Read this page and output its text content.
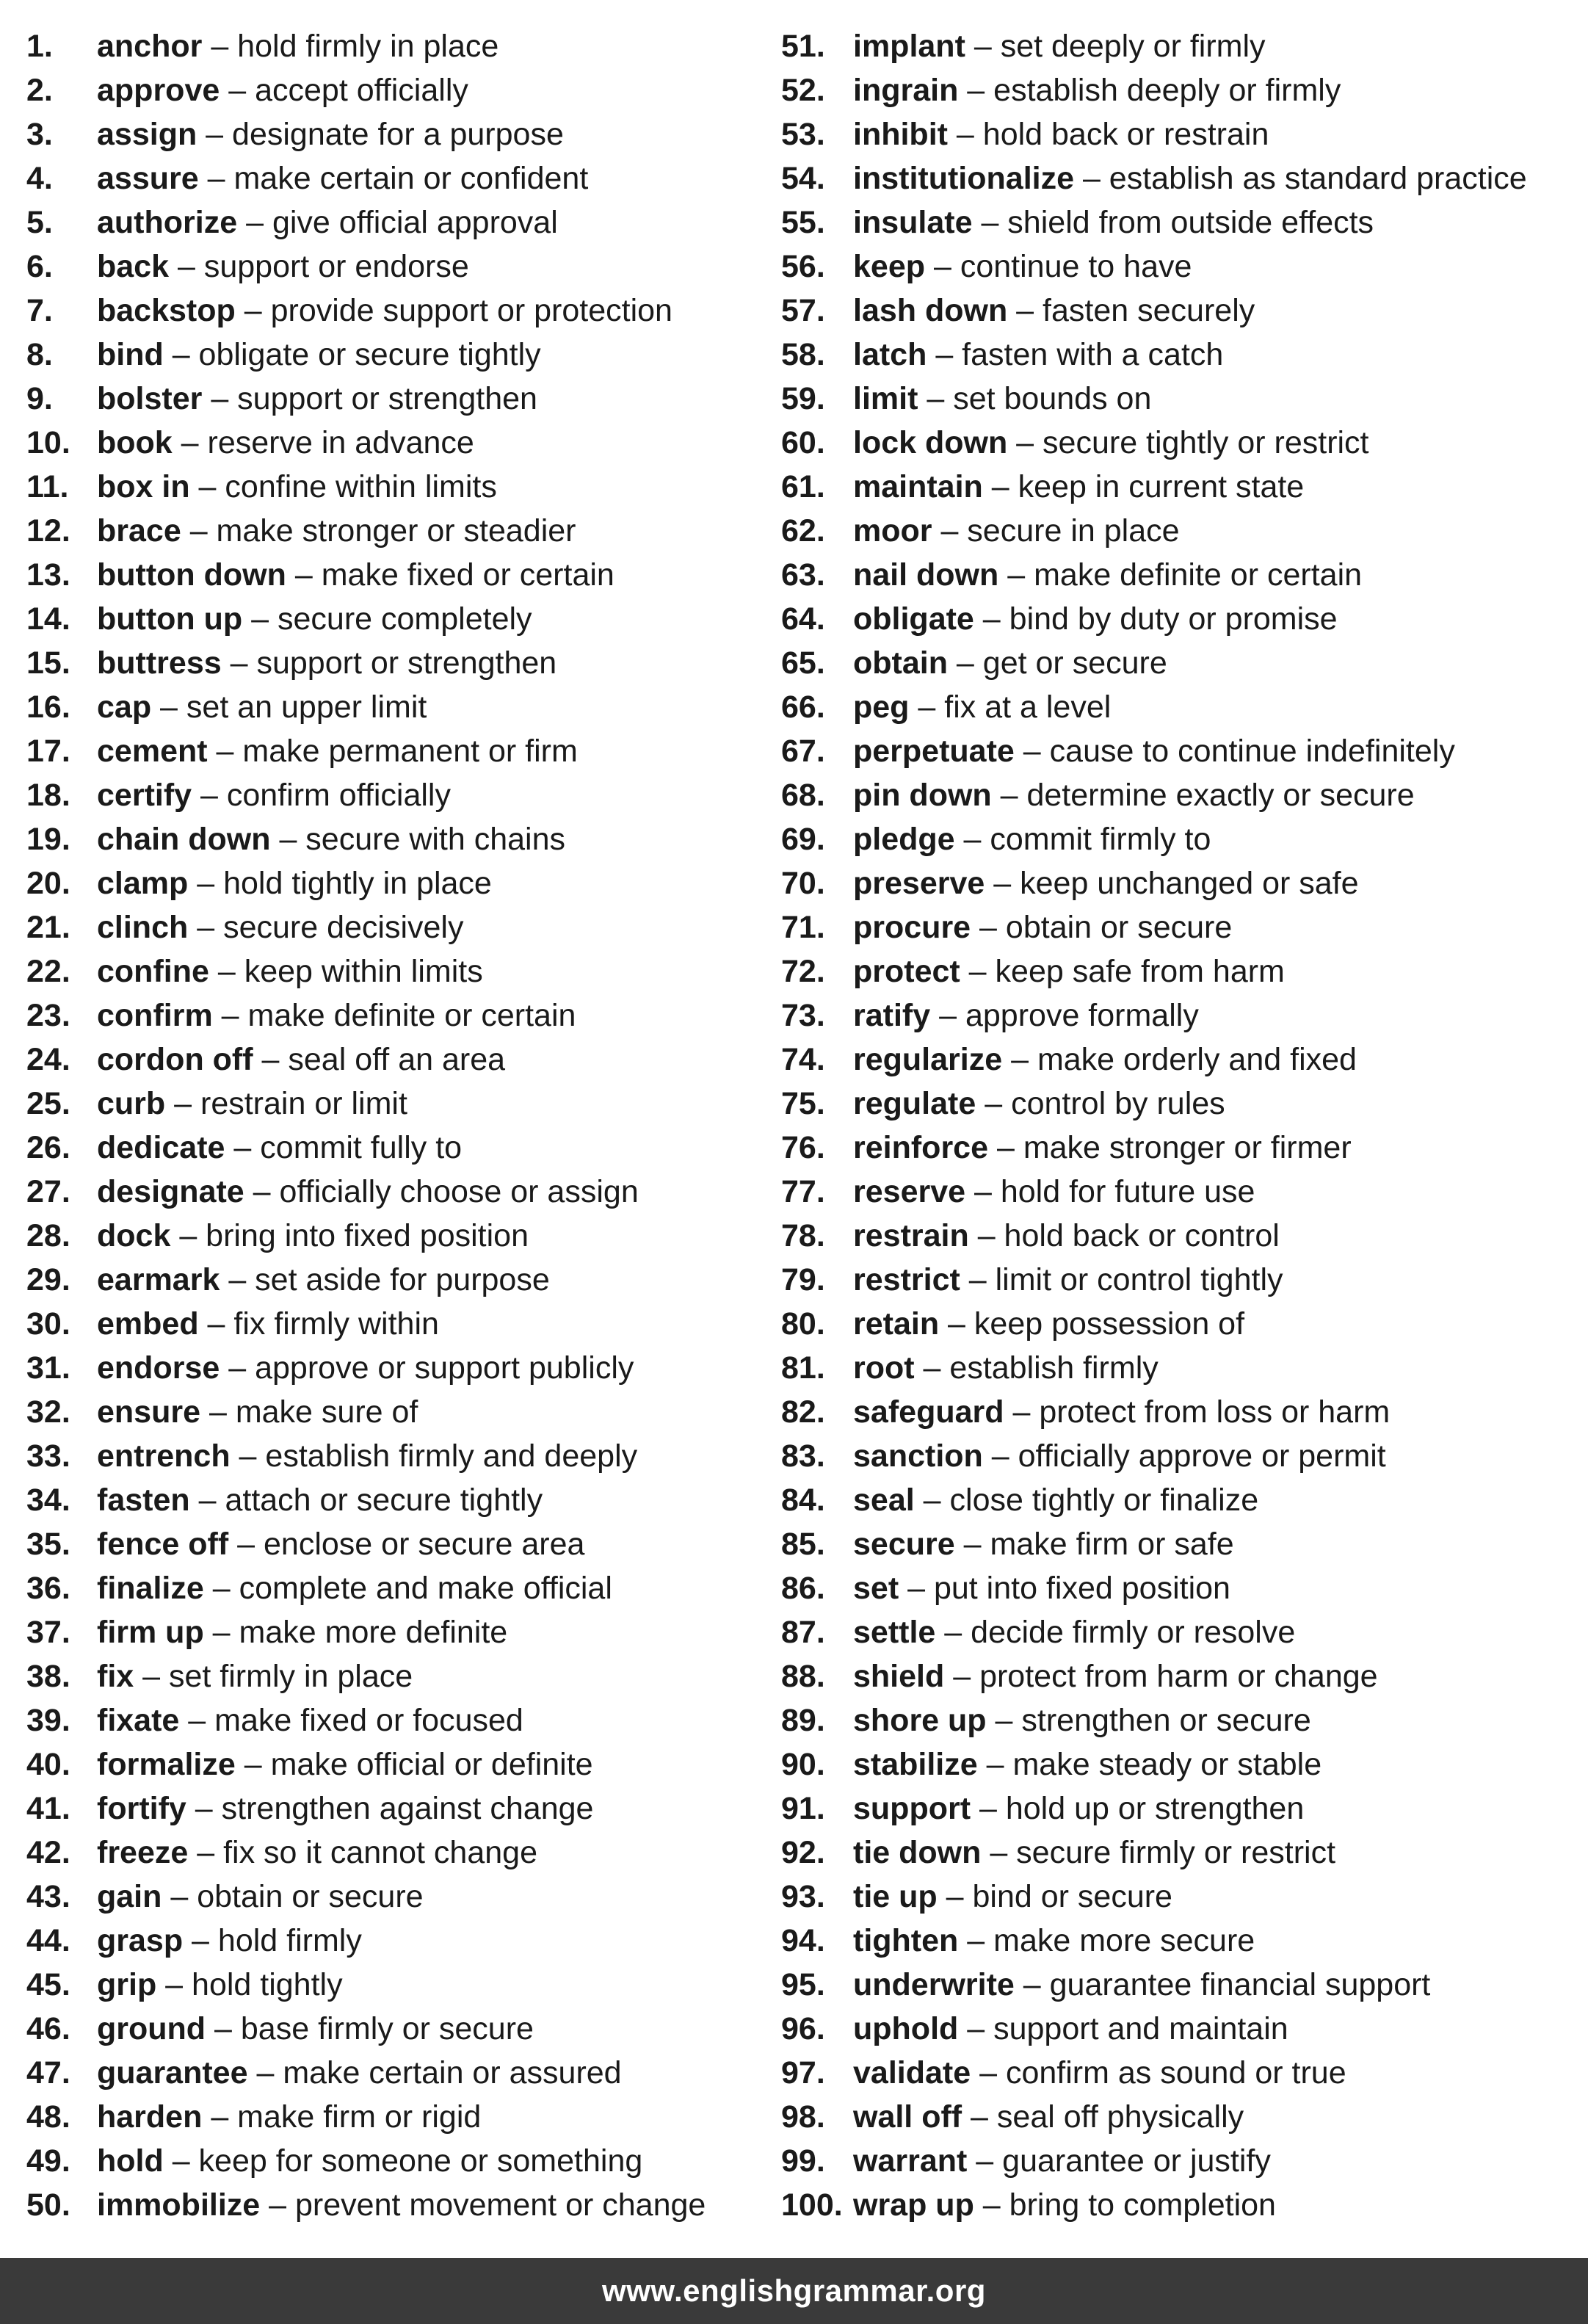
1. anchor – hold firmly in place
2. approve – accept officially
3. assign – designate for a purpose
4. assure – make certain or confident
5. authorize – give official approval
6. back – support or endorse
7. backstop – provide support or protection
8. bind – obligate or secure tightly
9. bolster – support or strengthen
10. book – reserve in advance
11. box in – confine within limits
12. brace – make stronger or steadier
13. button down – make fixed or certain
14. button up – secure completely
15. buttress – support or strengthen
16. cap – set an upper limit
17. cement – make permanent or firm
18. certify – confirm officially
19. chain down – secure with chains
20. clamp – hold tightly in place
21. clinch – secure decisively
22. confine – keep within limits
23. confirm – make definite or certain
24. cordon off – seal off an area
25. curb – restrain or limit
26. dedicate – commit fully to
27. designate – officially choose or assign
28. dock – bring into fixed position
29. earmark – set aside for purpose
30. embed – fix firmly within
31. endorse – approve or support publicly
32. ensure – make sure of
33. entrench – establish firmly and deeply
34. fasten – attach or secure tightly
35. fence off – enclose or secure area
36. finalize – complete and make official
37. firm up – make more definite
38. fix – set firmly in place
39. fixate – make fixed or focused
40. formalize – make official or definite
41. fortify – strengthen against change
42. freeze – fix so it cannot change
43. gain – obtain or secure
44. grasp – hold firmly
45. grip – hold tightly
46. ground – base firmly or secure
47. guarantee – make certain or assured
48. harden – make firm or rigid
49. hold – keep for someone or something
50. immobilize – prevent movement or change
51. implant – set deeply or firmly
52. ingrain – establish deeply or firmly
53. inhibit – hold back or restrain
54. institutionalize – establish as standard practice
55. insulate – shield from outside effects
56. keep – continue to have
57. lash down – fasten securely
58. latch – fasten with a catch
59. limit – set bounds on
60. lock down – secure tightly or restrict
61. maintain – keep in current state
62. moor – secure in place
63. nail down – make definite or certain
64. obligate – bind by duty or promise
65. obtain – get or secure
66. peg – fix at a level
67. perpetuate – cause to continue indefinitely
68. pin down – determine exactly or secure
69. pledge – commit firmly to
70. preserve – keep unchanged or safe
71. procure – obtain or secure
72. protect – keep safe from harm
73. ratify – approve formally
74. regularize – make orderly and fixed
75. regulate – control by rules
76. reinforce – make stronger or firmer
77. reserve – hold for future use
78. restrain – hold back or control
79. restrict – limit or control tightly
80. retain – keep possession of
81. root – establish firmly
82. safeguard – protect from loss or harm
83. sanction – officially approve or permit
84. seal – close tightly or finalize
85. secure – make firm or safe
86. set – put into fixed position
87. settle – decide firmly or resolve
88. shield – protect from harm or change
89. shore up – strengthen or secure
90. stabilize – make steady or stable
91. support – hold up or strengthen
92. tie down – secure firmly or restrict
93. tie up – bind or secure
94. tighten – make more secure
95. underwrite – guarantee financial support
96. uphold – support and maintain
97. validate – confirm as sound or true
98. wall off – seal off physically
99. warrant – guarantee or justify
100. wrap up – bring to completion
www.englishgrammar.org
